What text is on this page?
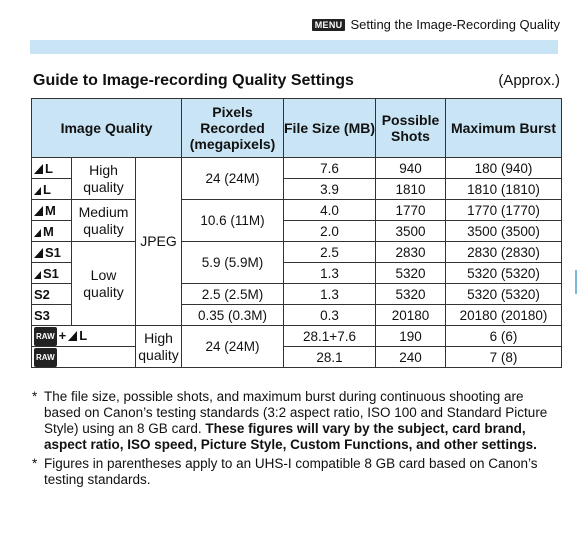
MENU Setting the Image-Recording Quality
Guide to Image-recording Quality Settings	(Approx.)
Image Quality			Pixels Recorded (megapixels)	File Size (MB)	Possible Shots	Maximum Burst
L	High quality	JPEG	24 (24M)	7.6	940	180 (940)
L				3.9	1810	1810 (1810)
M	Medium quality		10.6 (11M)	4.0	1770	1770 (1770)
M				2.0	3500	3500 (3500)
S1	Low quality		5.9 (5.9M)	2.5	2830	2830 (2830)
S1				1.3	5320	5320 (5320)
S2			2.5 (2.5M)	1.3	5320	5320 (5320)
S3			0.35 (0.3M)	0.3	20180	20180 (20180)
RAW + L		High quality	24 (24M)	28.1+7.6	190	6 (6)
RAW				28.1	240	7 (8)
* The file size, possible shots, and maximum burst during continuous shooting are based on Canon’s testing standards (3:2 aspect ratio, ISO 100 and Standard Picture Style) using an 8 GB card. These figures will vary by the subject, card brand, aspect ratio, ISO speed, Picture Style, Custom Functions, and other settings.
* Figures in parentheses apply to an UHS-I compatible 8 GB card based on Canon’s testing standards.
